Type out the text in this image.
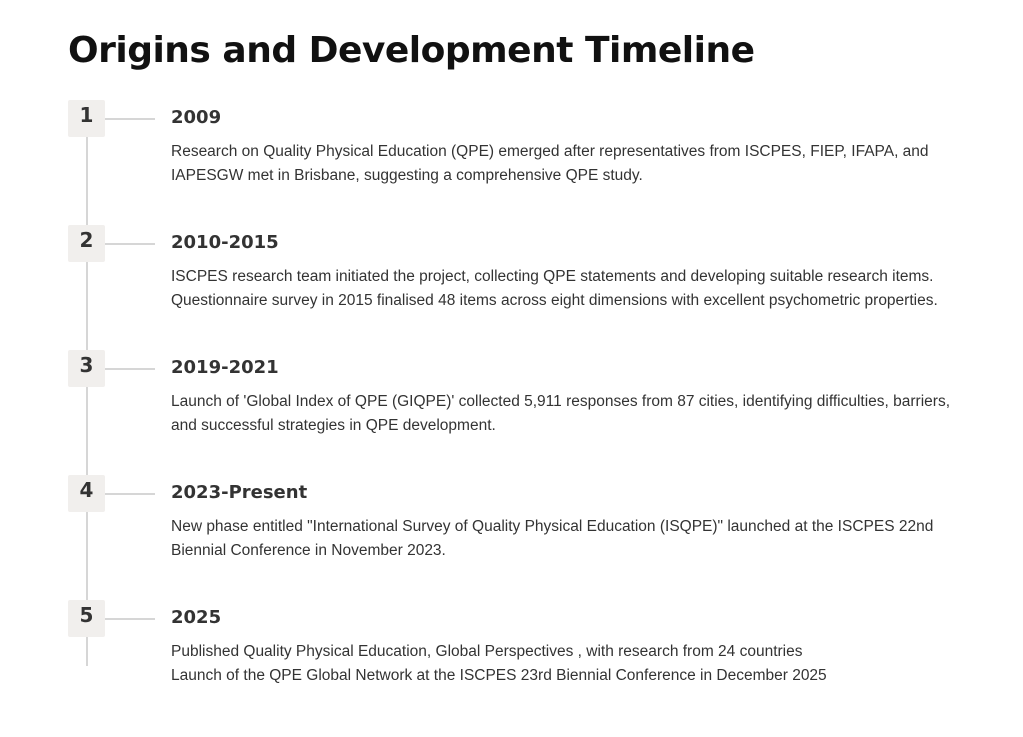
Origins and Development Timeline
1	2009

Research on Quality Physical Education (QPE) emerged after representatives from ISCPES, FIEP, IFAPA, and
IAPESGW met in Brisbane, suggesting a comprehensive QPE study.

2	2010-2015

ISCPES research team initiated the project, collecting QPE statements and developing suitable research items.
Questionnaire survey in 2015 finalised 48 items across eight dimensions with excellent psychometric properties.

3	2019-2021

Launch of 'Global Index of QPE (GIQPE)' collected 5,911 responses from 87 cities, identifying difficulties, barriers,
and successful strategies in QPE development.

4	2023-Present

New phase entitled "International Survey of Quality Physical Education (ISQPE)" launched at the ISCPES 22nd
Biennial Conference in November 2023.

5	2025

Published Quality Physical Education, Global Perspectives , with research from 24 countries
Launch of the QPE Global Network at the ISCPES 23rd Biennial Conference in December 2025
